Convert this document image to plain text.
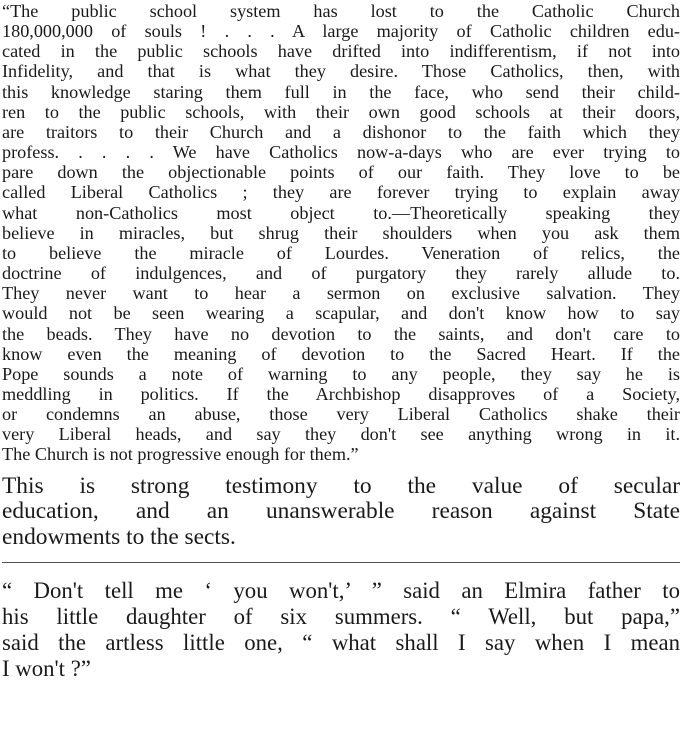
“The public school system has lost to the Catholic Church
180,000,000 of souls ! . . . A large majority of Catholic children edu-
cated in the public schools have drifted into indifferentism, if not into
Infidelity, and that is what they desire. Those Catholics, then, with
this knowledge staring them full in the face, who send their child-
ren to the public schools, with their own good schools at their doors,
are traitors to their Church and a dishonor to the faith which they
profess. . . . . We have Catholics now-a-days who are ever trying to
pare down the objectionable points of our faith. They love to be
called Liberal Catholics ; they are forever trying to explain away
what non-Catholics most object to.—Theoretically speaking they
believe in miracles, but shrug their shoulders when you ask them
to believe the miracle of Lourdes. Veneration of relics, the
doctrine of indulgences, and of purgatory they rarely allude to.
They never want to hear a sermon on exclusive salvation. They
would not be seen wearing a scapular, and don't know how to say
the beads. They have no devotion to the saints, and don't care to
know even the meaning of devotion to the Sacred Heart. If the
Pope sounds a note of warning to any people, they say he is
meddling in politics. If the Archbishop disapproves of a Society,
or condemns an abuse, those very Liberal Catholics shake their
very Liberal heads, and say they don't see anything wrong in it.
The Church is not progressive enough for them.”
This is strong testimony to the value of secular
education, and an unanswerable reason against State
endowments to the sects.
“ Don't tell me ‘ you won't,’ ” said an Elmira father to
his little daughter of six summers. “ Well, but papa,”
said the artless little one, “ what shall I say when I mean
I won't ?”
